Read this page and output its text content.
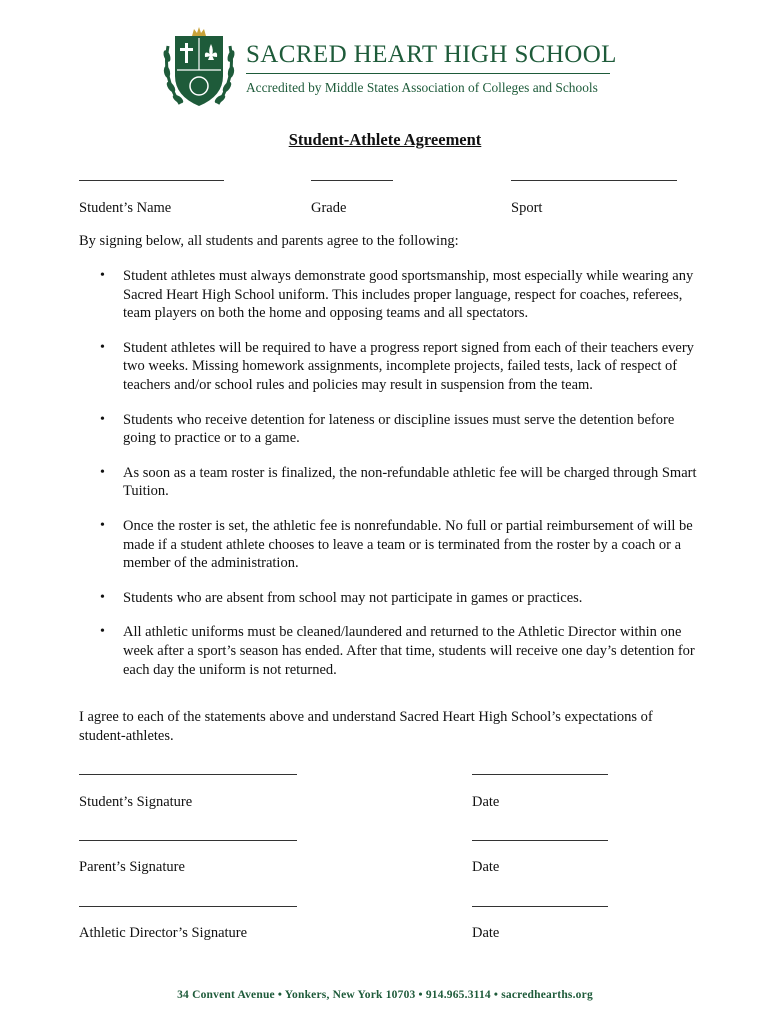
SACRED HEART HIGH SCHOOL
Accredited by Middle States Association of Colleges and Schools
Student-Athlete Agreement
Student’s Name	Grade	Sport
By signing below, all students and parents agree to the following:
• Student athletes must always demonstrate good sportsmanship, most especially while wearing any Sacred Heart High School uniform. This includes proper language, respect for coaches, referees, team players on both the home and opposing teams and all spectators.
• Student athletes will be required to have a progress report signed from each of their teachers every two weeks. Missing homework assignments, incomplete projects, failed tests, lack of respect of teachers and/or school rules and policies may result in suspension from the team.
• Students who receive detention for lateness or discipline issues must serve the detention before going to practice or to a game.
• As soon as a team roster is finalized, the non-refundable athletic fee will be charged through Smart Tuition.
• Once the roster is set, the athletic fee is nonrefundable. No full or partial reimbursement of will be made if a student athlete chooses to leave a team or is terminated from the roster by a coach or a member of the administration.
• Students who are absent from school may not participate in games or practices.
• All athletic uniforms must be cleaned/laundered and returned to the Athletic Director within one week after a sport’s season has ended. After that time, students will receive one day’s detention for each day the uniform is not returned.
I agree to each of the statements above and understand Sacred Heart High School’s expectations of student-athletes.
Student’s Signature	Date
Parent’s Signature	Date
Athletic Director’s Signature	Date
34 Convent Avenue • Yonkers, New York 10703 • 914.965.3114 • sacredhearths.org
